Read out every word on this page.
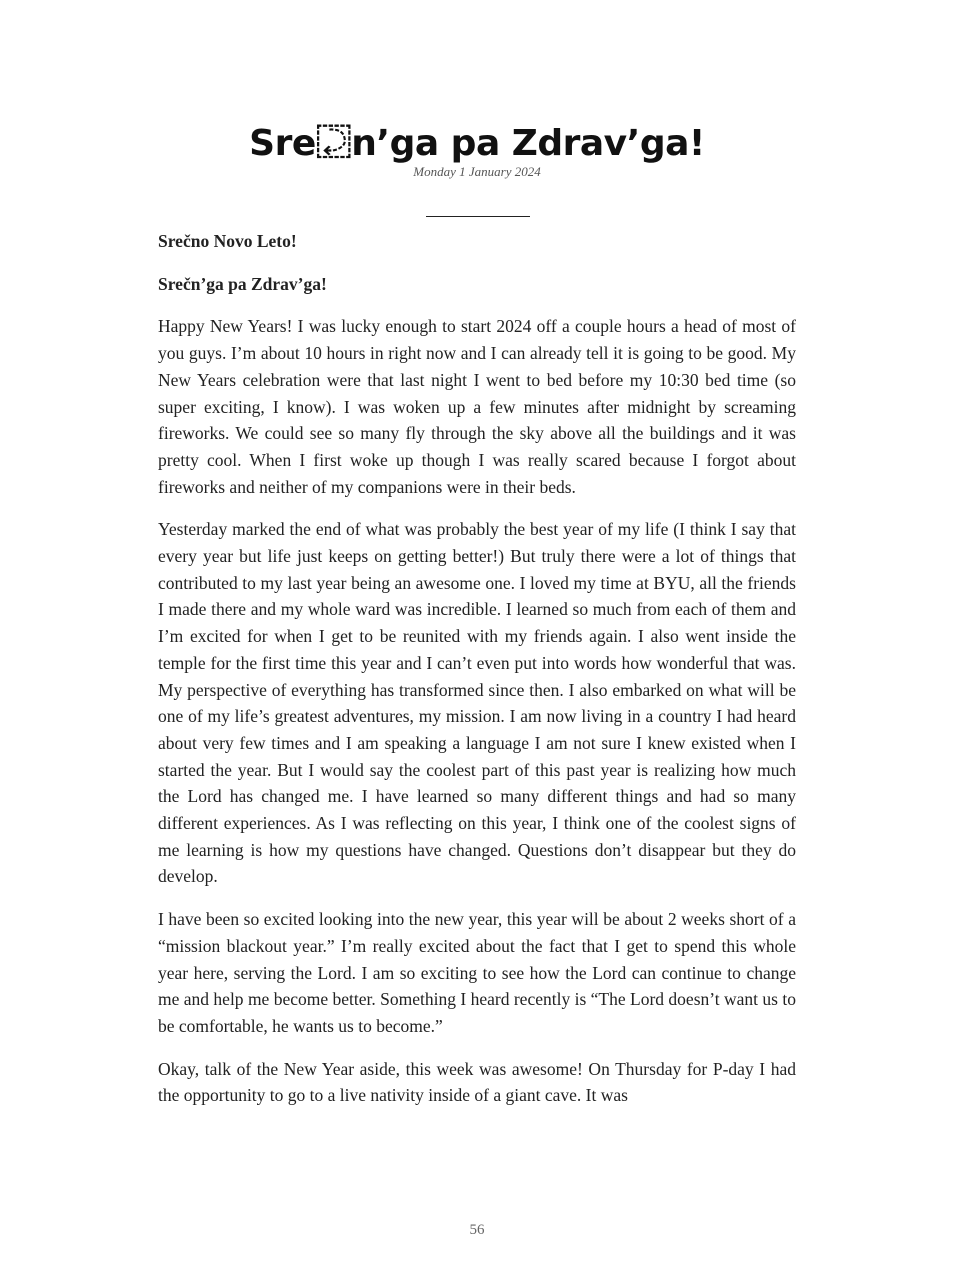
Sre⿿n’ga pa Zdrav’ga!
Monday 1 January 2024

Srečno Novo Leto!

Srečn’ga pa Zdrav’ga!

Happy New Years! I was lucky enough to start 2024 off a couple hours a head of most of you guys. I’m about 10 hours in right now and I can already tell it is going to be good. My New Years celebration were that last night I went to bed before my 10:30 bed time (so super exciting, I know). I was woken up a few minutes after midnight by screaming fireworks. We could see so many fly through the sky above all the buildings and it was pretty cool. When I first woke up though I was really scared because I forgot about fireworks and neither of my companions were in their beds.

Yesterday marked the end of what was probably the best year of my life (I think I say that every year but life just keeps on getting better!) But truly there were a lot of things that contributed to my last year being an awesome one. I loved my time at BYU, all the friends I made there and my whole ward was incredible. I learned so much from each of them and I’m excited for when I get to be reunited with my friends again. I also went inside the temple for the first time this year and I can’t even put into words how wonderful that was. My perspective of everything has transformed since then. I also embarked on what will be one of my life’s greatest adventures, my mission. I am now living in a country I had heard about very few times and I am speaking a language I am not sure I knew existed when I started the year. But I would say the coolest part of this past year is realizing how much the Lord has changed me. I have learned so many different things and had so many different experiences. As I was reflecting on this year, I think one of the coolest signs of me learning is how my questions have changed. Questions don’t disappear but they do develop.

I have been so excited looking into the new year, this year will be about 2 weeks short of a “mission blackout year.” I’m really excited about the fact that I get to spend this whole year here, serving the Lord. I am so exciting to see how the Lord can continue to change me and help me become better. Something I heard recently is “The Lord doesn’t want us to be comfortable, he wants us to become.”

Okay, talk of the New Year aside, this week was awesome! On Thursday for P-day I had the opportunity to go to a live nativity inside of a giant cave. It was

56
